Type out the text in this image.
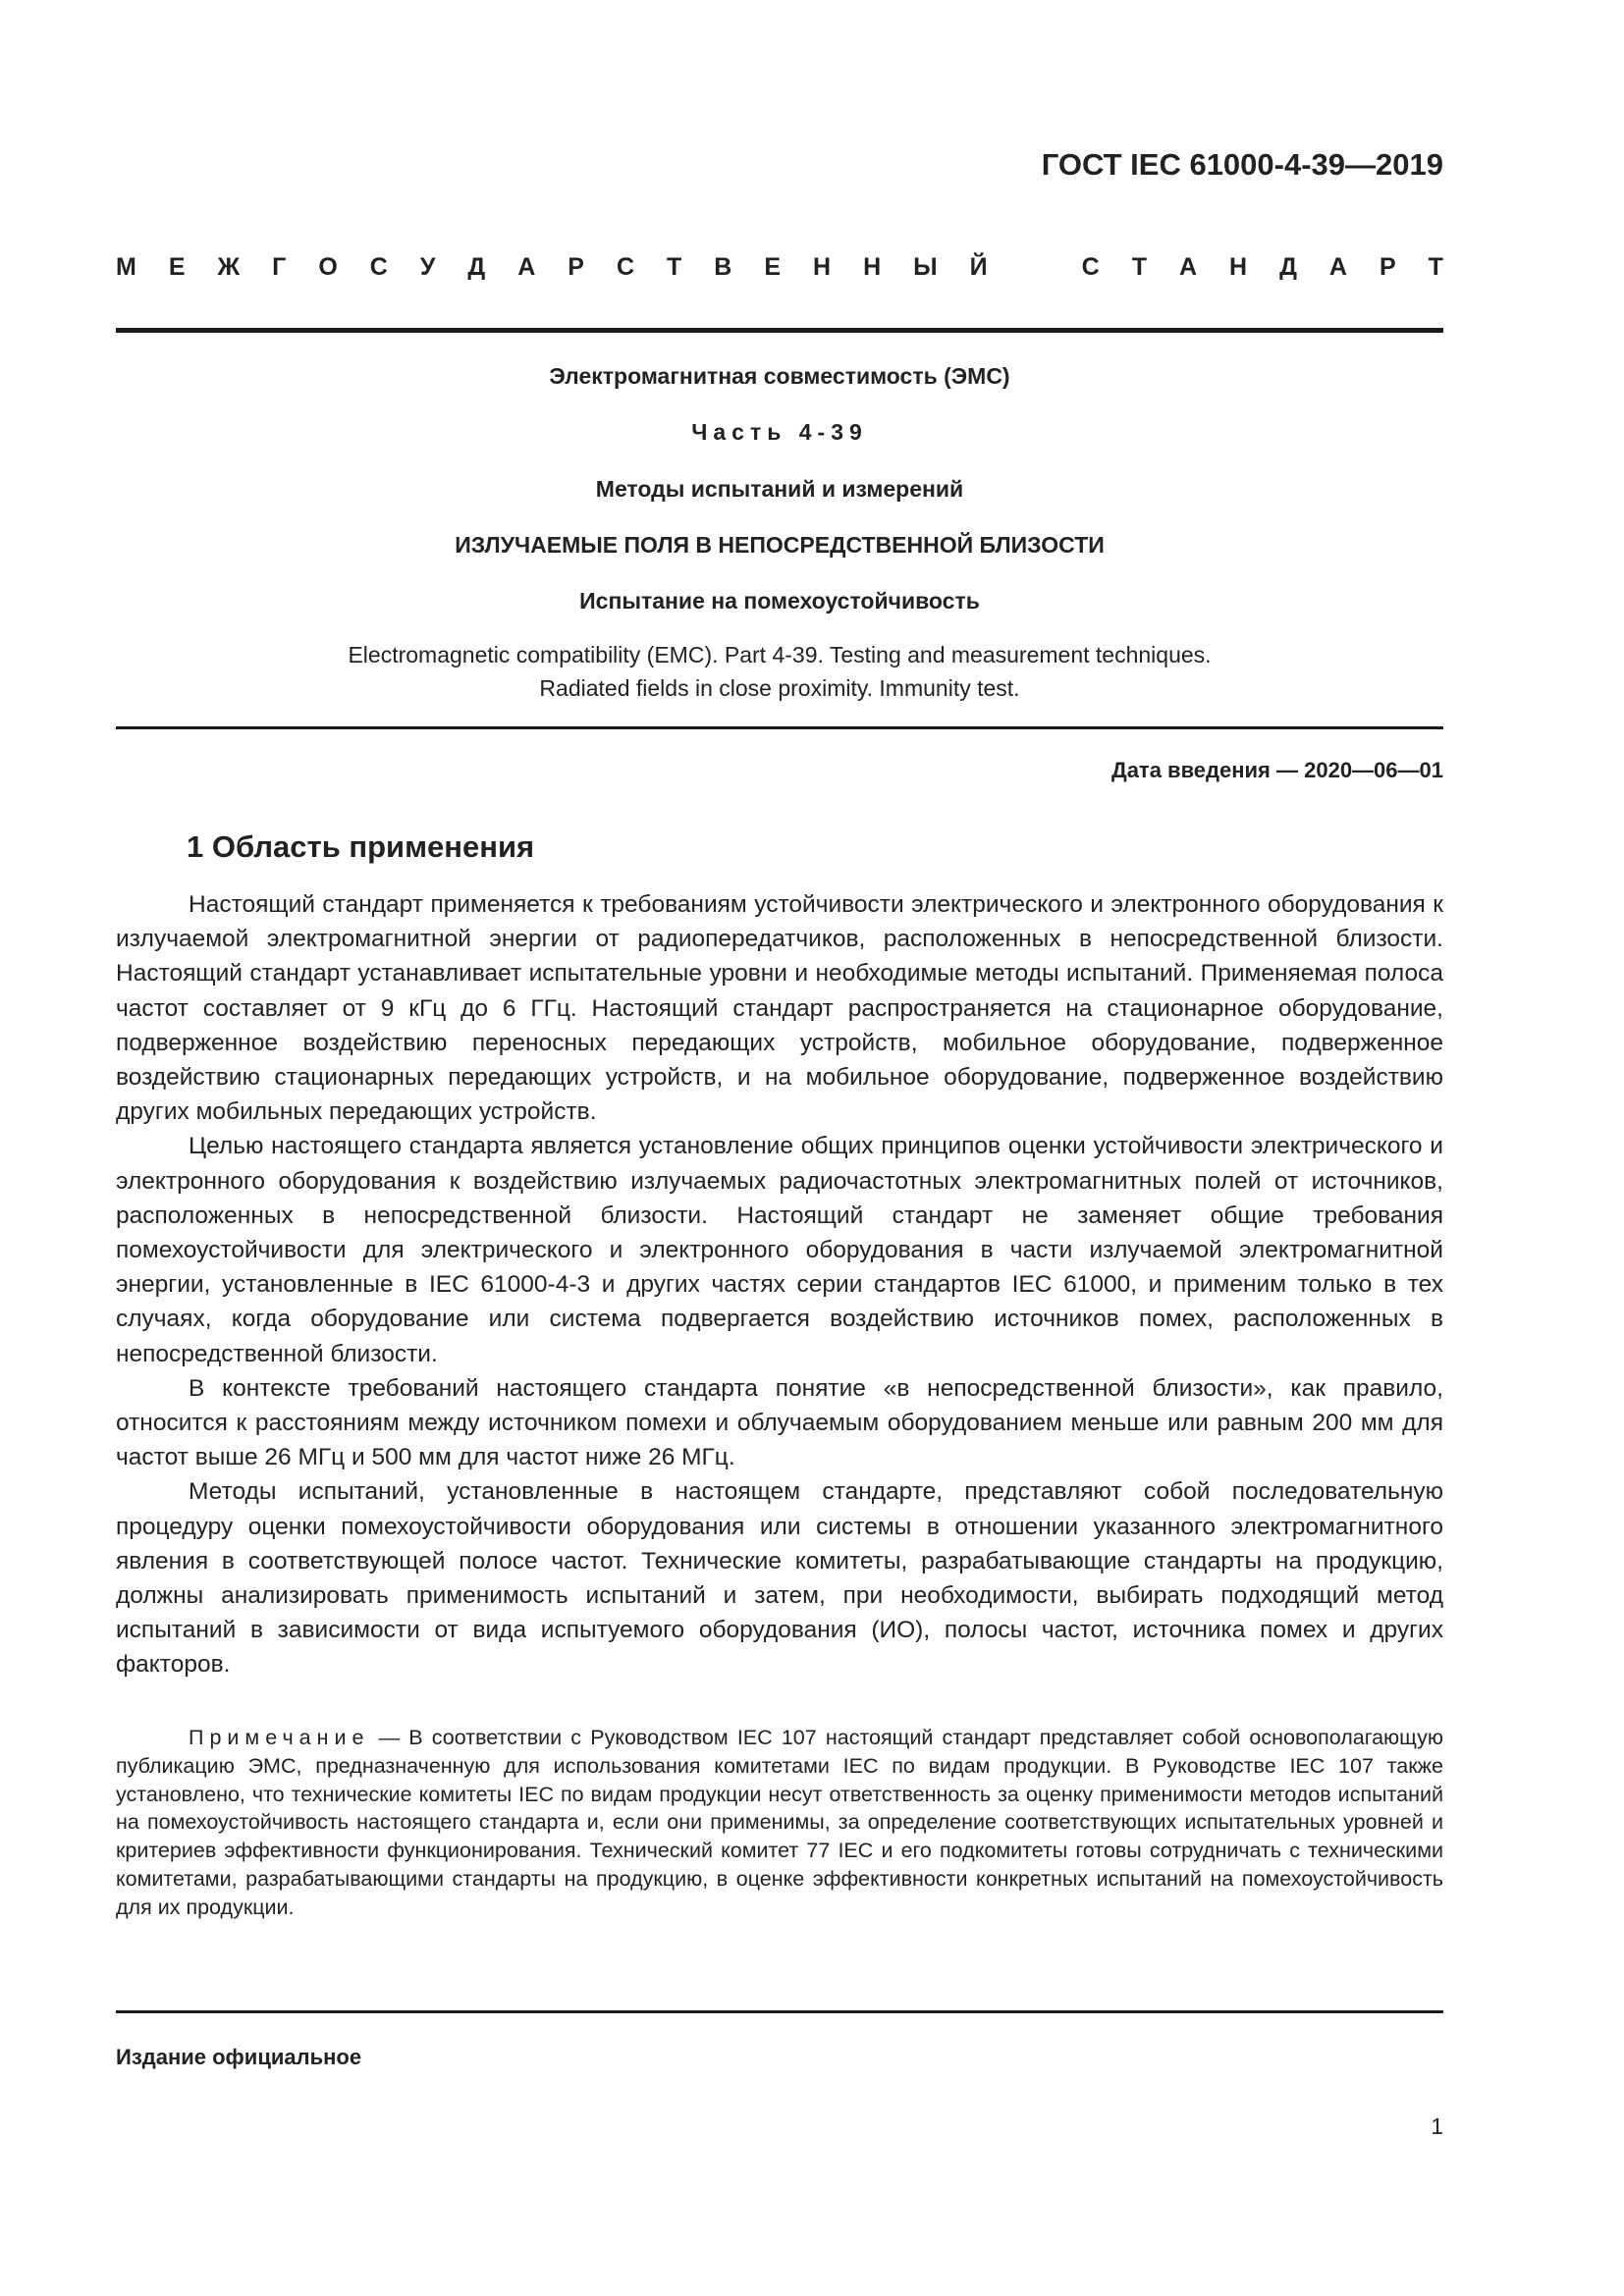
ГОСТ IEC 61000-4-39—2019
М Е Ж Г О С У Д А Р С Т В Е Н Н Ы Й	С Т А Н Д А Р Т
Электромагнитная совместимость (ЭМС)
Часть 4-39
Методы испытаний и измерений
ИЗЛУЧАЕМЫЕ ПОЛЯ В НЕПОСРЕДСТВЕННОЙ БЛИЗОСТИ
Испытание на помехоустойчивость
Electromagnetic compatibility (EMC). Part 4-39. Testing and measurement techniques.
Radiated fields in close proximity. Immunity test.
Дата введения — 2020—06—01
1 Область применения

Настоящий стандарт применяется к требованиям устойчивости электрического и электронного оборудования к излучаемой электромагнитной энергии от радиопередатчиков, расположенных в непосредственной близости. Настоящий стандарт устанавливает испытательные уровни и необходимые методы испытаний. Применяемая полоса частот составляет от 9 кГц до 6 ГГц. Настоящий стандарт распространяется на стационарное оборудование, подверженное воздействию переносных передающих устройств, мобильное оборудование, подверженное воздействию стационарных передающих устройств, и на мобильное оборудование, подверженное воздействию других мобильных передающих устройств.

Целью настоящего стандарта является установление общих принципов оценки устойчивости электрического и электронного оборудования к воздействию излучаемых радиочастотных электромагнитных полей от источников, расположенных в непосредственной близости. Настоящий стандарт не заменяет общие требования помехоустойчивости для электрического и электронного оборудования в части излучаемой электромагнитной энергии, установленные в IEC 61000-4-3 и других частях серии стандартов IEC 61000, и применим только в тех случаях, когда оборудование или система подвергается воздействию источников помех, расположенных в непосредственной близости.

В контексте требований настоящего стандарта понятие «в непосредственной близости», как правило, относится к расстояниям между источником помехи и облучаемым оборудованием меньше или равным 200 мм для частот выше 26 МГц и 500 мм для частот ниже 26 МГц.

Методы испытаний, установленные в настоящем стандарте, представляют собой последовательную процедуру оценки помехоустойчивости оборудования или системы в отношении указанного электромагнитного явления в соответствующей полосе частот. Технические комитеты, разрабатывающие стандарты на продукцию, должны анализировать применимость испытаний и затем, при необходимости, выбирать подходящий метод испытаний в зависимости от вида испытуемого оборудования (ИО), полосы частот, источника помех и других факторов.

Примечание — В соответствии с Руководством IEC 107 настоящий стандарт представляет собой основополагающую публикацию ЭМС, предназначенную для использования комитетами IEC по видам продукции. В Руководстве IEC 107 также установлено, что технические комитеты IEC по видам продукции несут ответственность за оценку применимости методов испытаний на помехоустойчивость настоящего стандарта и, если они применимы, за определение соответствующих испытательных уровней и критериев эффективности функционирования. Технический комитет 77 IEC и его подкомитеты готовы сотрудничать с техническими комитетами, разрабатывающими стандарты на продукцию, в оценке эффективности конкретных испытаний на помехоустойчивость для их продукции.

Издание официальное
1
